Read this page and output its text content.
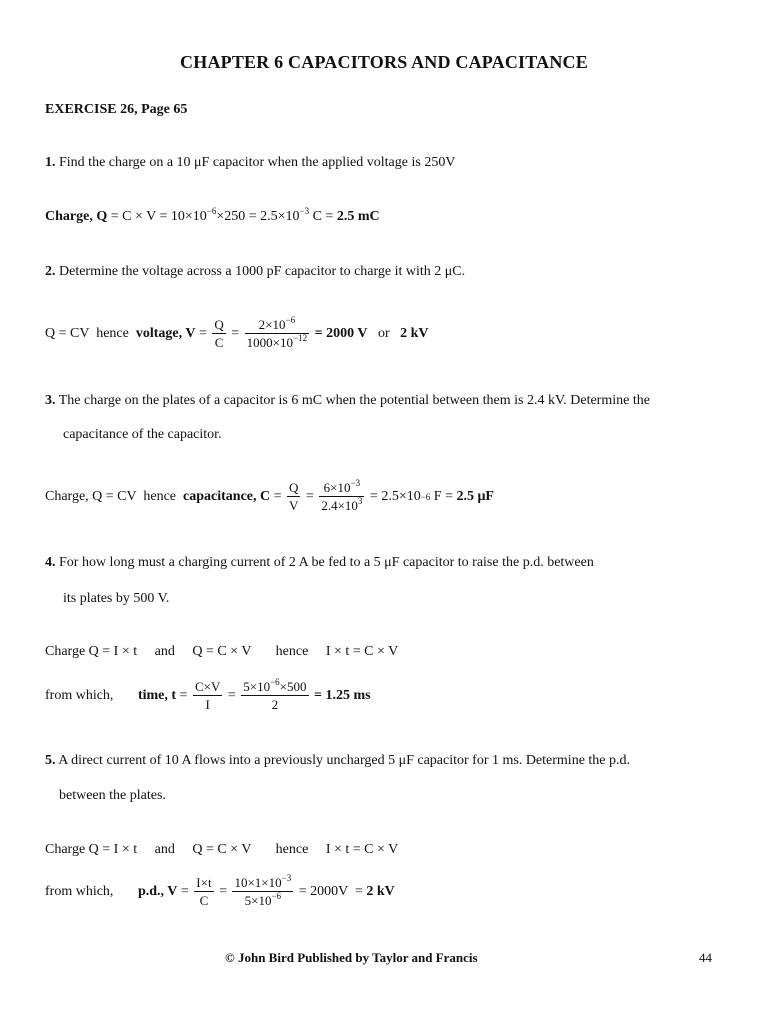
CHAPTER 6 CAPACITORS AND CAPACITANCE
EXERCISE 26, Page 65
1. Find the charge on a 10 μF capacitor when the applied voltage is 250V
Charge, $Q = C \times V = 10\times 10^{-6}\times 250 = 2.5\times 10^{-3}$ C = 2.5 mC
2. Determine the voltage across a 1000 pF capacitor to charge it with 2 μC.
Q = CV  hence voltage, $V = \frac{Q}{C} = \frac{2\times 10^{-6}}{1000\times 10^{-12}} = 2000$ V or 2 kV
3. The charge on the plates of a capacitor is 6 mC when the potential between them is 2.4 kV. Determine the
capacitance of the capacitor.
Charge, Q = CV  hence capacitance, $C = \frac{Q}{V} = \frac{6\times 10^{-3}}{2.4\times 10^3} = 2.5\times 10 -6$ F = 2.5 μF
4. For how long must a charging current of 2 A be fed to a 5 μF capacitor to raise the p.d. between
its plates by 500 V.
Charge Q = I × t     and     Q = C × V       hence     I × t = C × V
from which, time, $t = \frac{C\times V}{I} = \frac{5\times 10^{-6}\times 500}{2} = 1.25$ ms
5. A direct current of 10 A flows into a previously uncharged 5 μF capacitor for 1 ms. Determine the p.d.
between the plates.
Charge Q = I × t     and     Q = C × V       hence     I × t = C × V
from which, p.d., $V = \frac{I\times t}{C} = \frac{10\times 1\times 10^{-3}}{5\times 10^{-6}} = 2000V = 2$ kV
© John Bird Published by Taylor and Francis	44
